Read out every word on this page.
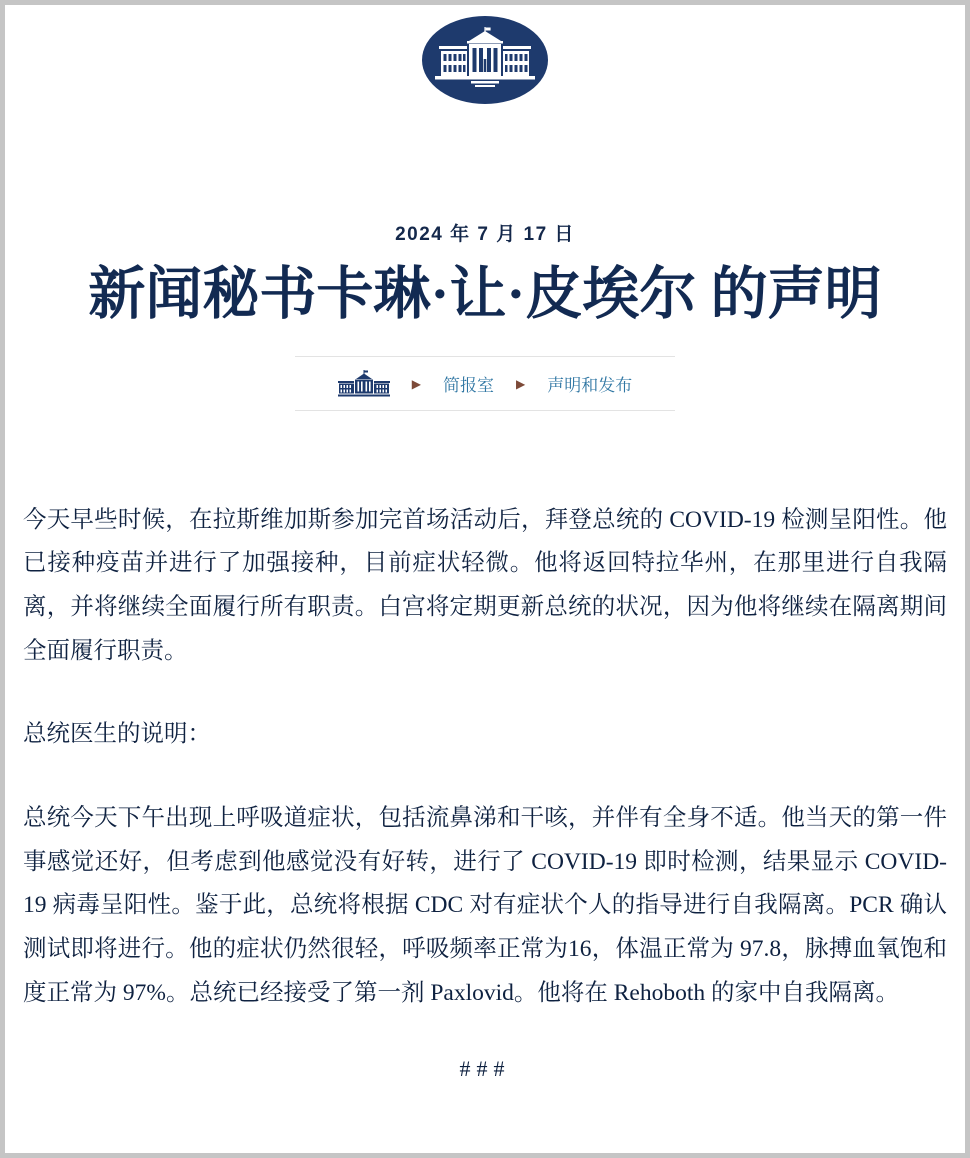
2024 年 7 月 17 日
新闻秘书卡琳·让·皮埃尔 的声明
▶ 简报室 ▶ 声明和发布

今天早些时候，在拉斯维加斯参加完首场活动后，拜登总统的 COVID-19 检测呈阳性。他已接种疫苗并进行了加强接种，目前症状轻微。他将返回特拉华州，在那里进行自我隔离，并将继续全面履行所有职责。白宫将定期更新总统的状况，因为他将继续在隔离期间全面履行职责。

总统医生的说明：

总统今天下午出现上呼吸道症状，包括流鼻涕和干咳，并伴有全身不适。他当天的第一件事感觉还好，但考虑到他感觉没有好转，进行了 COVID-19 即时检测，结果显示 COVID-19 病毒呈阳性。鉴于此，总统将根据 CDC 对有症状个人的指导进行自我隔离。PCR 确认测试即将进行。他的症状仍然很轻，呼吸频率正常为16，体温正常为 97.8，脉搏血氧饱和度正常为 97%。总统已经接受了第一剂 Paxlovid。他将在 Rehoboth 的家中自我隔离。

###
